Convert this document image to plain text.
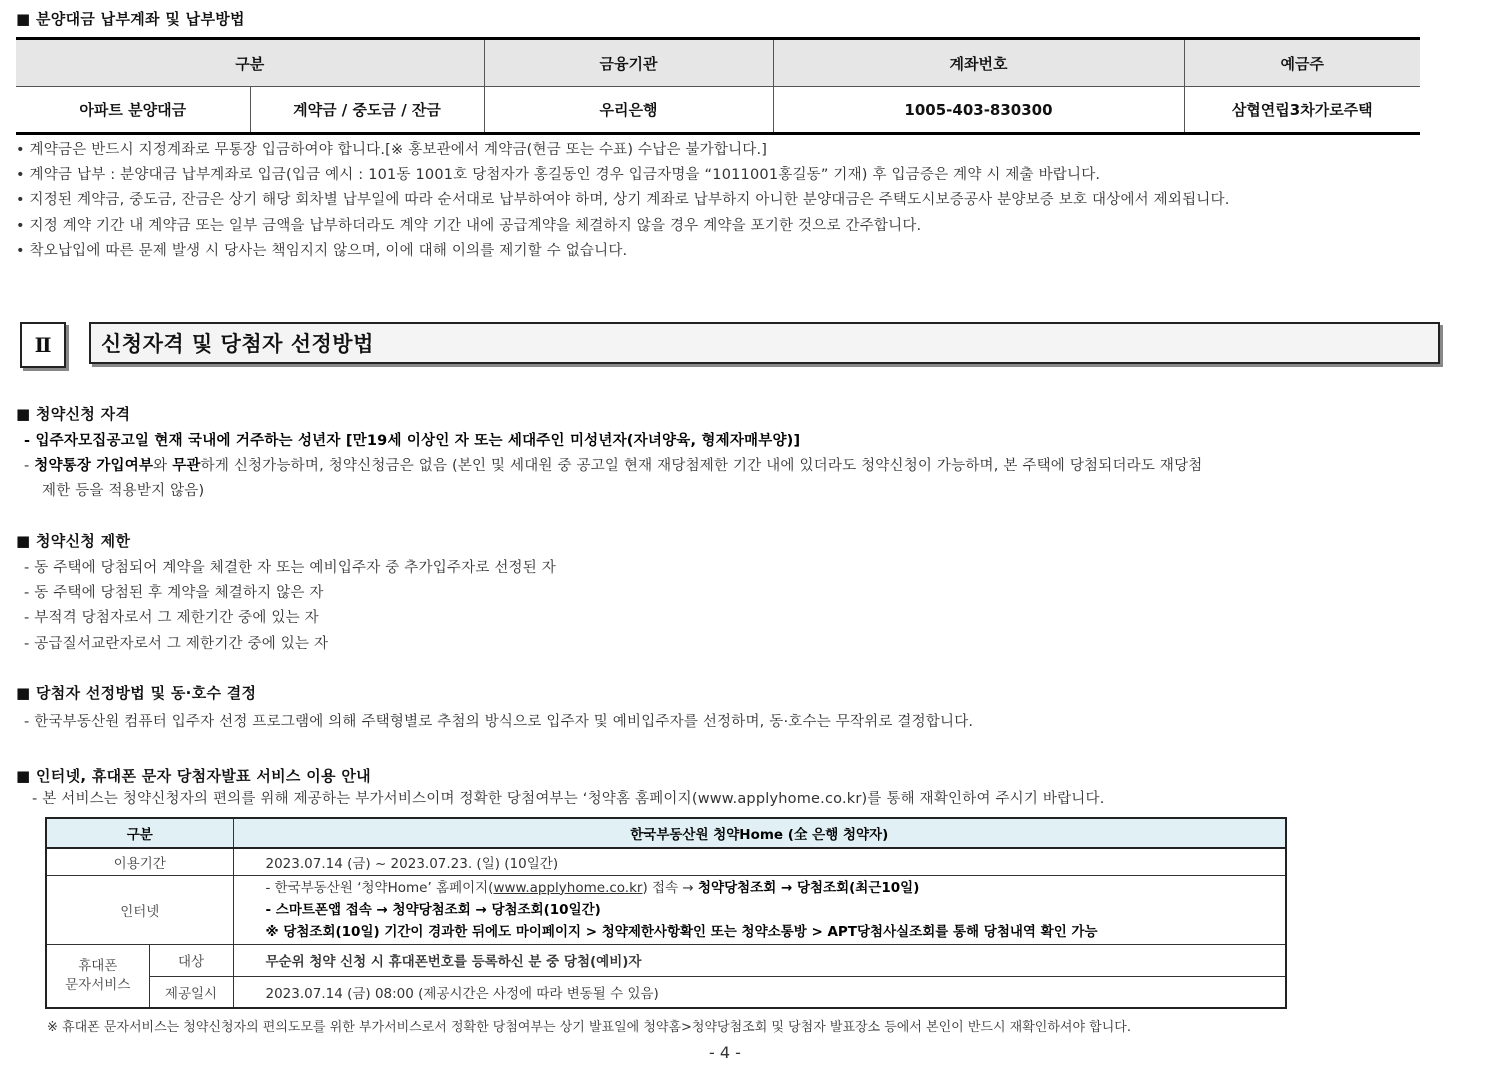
■ 분양대금 납부계좌 및 납부방법
구분		금융기관	계좌번호	예금주
아파트 분양대금	계약금 / 중도금 / 잔금	우리은행	1005-403-830300	삼협연립3차가로주택
• 계약금은 반드시 지정계좌로 무통장 입금하여야 합니다.[※ 홍보관에서 계약금(현금 또는 수표) 수납은 불가합니다.]
• 계약금 납부 : 분양대금 납부계좌로 입금(입금 예시 : 101동 1001호 당첨자가 홍길동인 경우 입금자명을 “1011001홍길동” 기재) 후 입금증은 계약 시 제출 바랍니다.
• 지정된 계약금, 중도금, 잔금은 상기 해당 회차별 납부일에 따라 순서대로 납부하여야 하며, 상기 계좌로 납부하지 아니한 분양대금은 주택도시보증공사 분양보증 보호 대상에서 제외됩니다.
• 지정 계약 기간 내 계약금 또는 일부 금액을 납부하더라도 계약 기간 내에 공급계약을 체결하지 않을 경우 계약을 포기한 것으로 간주합니다.
• 착오납입에 따른 문제 발생 시 당사는 책임지지 않으며, 이에 대해 이의를 제기할 수 없습니다.
Ⅱ	신청자격 및 당첨자 선정방법
■ 청약신청 자격
- 입주자모집공고일 현재 국내에 거주하는 성년자 [만19세 이상인 자 또는 세대주인 미성년자(자녀양육, 형제자매부양)]
- 청약통장 가입여부와 무관하게 신청가능하며, 청약신청금은 없음 (본인 및 세대원 중 공고일 현재 재당첨제한 기간 내에 있더라도 청약신청이 가능하며, 본 주택에 당첨되더라도 재당첨
제한 등을 적용받지 않음)
■ 청약신청 제한
- 동 주택에 당첨되어 계약을 체결한 자 또는 예비입주자 중 추가입주자로 선정된 자
- 동 주택에 당첨된 후 계약을 체결하지 않은 자
- 부적격 당첨자로서 그 제한기간 중에 있는 자
- 공급질서교란자로서 그 제한기간 중에 있는 자
■ 당첨자 선정방법 및 동·호수 결정
- 한국부동산원 컴퓨터 입주자 선정 프로그램에 의해 주택형별로 추첨의 방식으로 입주자 및 예비입주자를 선정하며, 동·호수는 무작위로 결정합니다.
■ 인터넷, 휴대폰 문자 당첨자발표 서비스 이용 안내
- 본 서비스는 청약신청자의 편의를 위해 제공하는 부가서비스이며 정확한 당첨여부는 ‘청약홈 홈페이지(www.applyhome.co.kr)를 통해 재확인하여 주시기 바랍니다.
구분		한국부동산원 청약Home (全 은행 청약자)
이용기간		2023.07.14 (금) ~ 2023.07.23. (일) (10일간)
인터넷		- 한국부동산원 ‘청약Home’ 홈페이지(www.applyhome.co.kr) 접속 → 청약당첨조회 → 당첨조회(최근10일)
- 스마트폰앱 접속 → 청약당첨조회 → 당첨조회(10일간)
※ 당첨조회(10일) 기간이 경과한 뒤에도 마이페이지 > 청약제한사항확인 또는 청약소통방 > APT당첨사실조회를 통해 당첨내역 확인 가능

휴대폰
문자서비스	대상	무순위 청약 신청 시 휴대폰번호를 등록하신 분 중 당첨(예비)자
	제공일시	2023.07.14 (금) 08:00 (제공시간은 사정에 따라 변동될 수 있음)
※ 휴대폰 문자서비스는 청약신청자의 편의도모를 위한 부가서비스로서 정확한 당첨여부는 상기 발표일에 청약홈>청약당첨조회 및 당첨자 발표장소 등에서 본인이 반드시 재확인하셔야 합니다.
- 4 -
